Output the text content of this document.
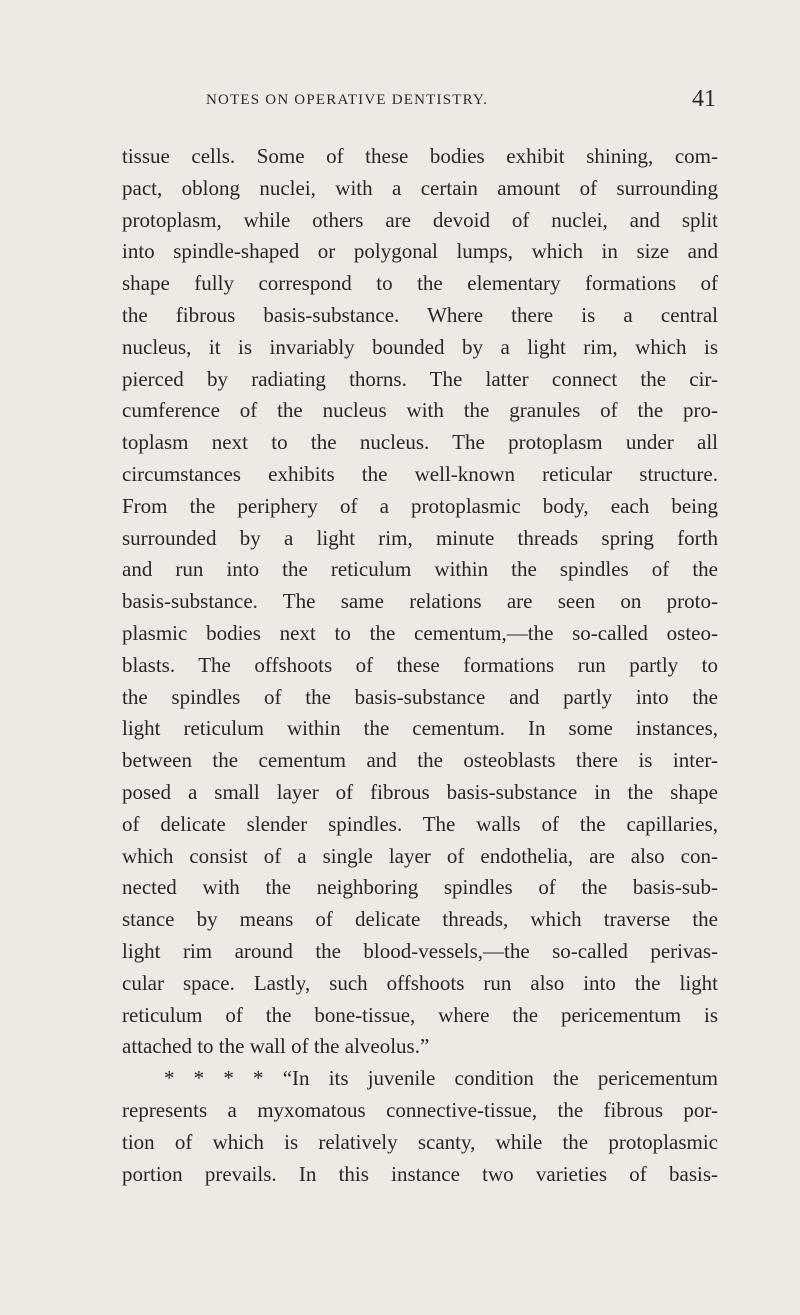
NOTES ON OPERATIVE DENTISTRY.	41
tissue cells. Some of these bodies exhibit shining, com-
pact, oblong nuclei, with a certain amount of surrounding
protoplasm, while others are devoid of nuclei, and split
into spindle-shaped or polygonal lumps, which in size and
shape fully correspond to the elementary formations of
the fibrous basis-substance. Where there is a central
nucleus, it is invariably bounded by a light rim, which is
pierced by radiating thorns. The latter connect the cir-
cumference of the nucleus with the granules of the pro-
toplasm next to the nucleus. The protoplasm under all
circumstances exhibits the well-known reticular structure.
From the periphery of a protoplasmic body, each being
surrounded by a light rim, minute threads spring forth
and run into the reticulum within the spindles of the
basis-substance. The same relations are seen on proto-
plasmic bodies next to the cementum,—the so-called osteo-
blasts. The offshoots of these formations run partly to
the spindles of the basis-substance and partly into the
light reticulum within the cementum. In some instances,
between the cementum and the osteoblasts there is inter-
posed a small layer of fibrous basis-substance in the shape
of delicate slender spindles. The walls of the capillaries,
which consist of a single layer of endothelia, are also con-
nected with the neighboring spindles of the basis-sub-
stance by means of delicate threads, which traverse the
light rim around the blood-vessels,—the so-called perivas-
cular space. Lastly, such offshoots run also into the light
reticulum of the bone-tissue, where the pericementum is
attached to the wall of the alveolus.”
* * * * “In its juvenile condition the pericementum
represents a myxomatous connective-tissue, the fibrous por-
tion of which is relatively scanty, while the protoplasmic
portion prevails. In this instance two varieties of basis-
